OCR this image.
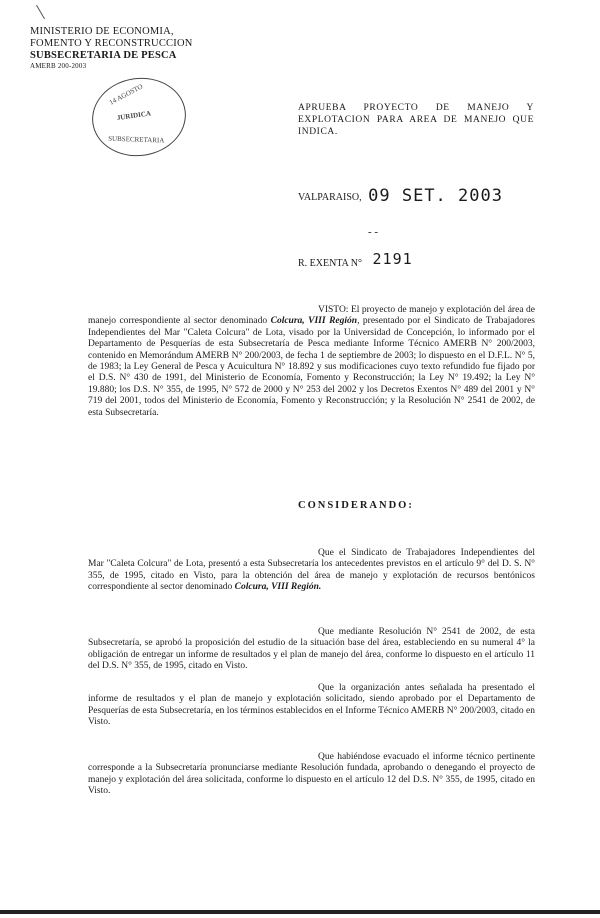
MINISTERIO DE ECONOMIA,
FOMENTO Y RECONSTRUCCION
SUBSECRETARIA DE PESCA
AMERB 200-2003
14 AGOSTO
JURIDICA
SUBSECRETARIA
APRUEBA PROYECTO DE MANEJO Y EXPLOTACION PARA AREA DE MANEJO QUE INDICA.
VALPARAISO, 09 SET. 2003
- -
R. EXENTA N° 2191
VISTO: El proyecto de manejo y explotación del área de manejo correspondiente al sector denominado Colcura, VIII Región, presentado por el Sindicato de Trabajadores Independientes del Mar "Caleta Colcura" de Lota, visado por la Universidad de Concepción, lo informado por el Departamento de Pesquerías de esta Subsecretaría de Pesca mediante Informe Técnico AMERB N° 200/2003, contenido en Memorándum AMERB N° 200/2003, de fecha 1 de septiembre de 2003; lo dispuesto en el D.F.L. N° 5, de 1983; la Ley General de Pesca y Acuicultura N° 18.892 y sus modificaciones cuyo texto refundido fue fijado por el D.S. N° 430 de 1991, del Ministerio de Economía, Fomento y Reconstrucción; la Ley N° 19.492; la Ley N° 19.880; los D.S. N° 355, de 1995, N° 572 de 2000 y N° 253 del 2002 y los Decretos Exentos N° 489 del 2001 y N° 719 del 2001, todos del Ministerio de Economía, Fomento y Reconstrucción; y la Resolución N° 2541 de 2002, de esta Subsecretaría.
CONSIDERANDO:
Que el Sindicato de Trabajadores Independientes del Mar "Caleta Colcura" de Lota, presentó a esta Subsecretaría los antecedentes previstos en el artículo 9° del D. S. N° 355, de 1995, citado en Visto, para la obtención del área de manejo y explotación de recursos bentónicos correspondiente al sector denominado Colcura, VIII Región.
Que mediante Resolución N° 2541 de 2002, de esta Subsecretaría, se aprobó la proposición del estudio de la situación base del área, estableciendo en su numeral 4° la obligación de entregar un informe de resultados y el plan de manejo del área, conforme lo dispuesto en el artículo 11 del D.S. N° 355, de 1995, citado en Visto.
Que la organización antes señalada ha presentado el informe de resultados y el plan de manejo y explotación solicitado, siendo aprobado por el Departamento de Pesquerías de esta Subsecretaría, en los términos establecidos en el Informe Técnico AMERB N° 200/2003, citado en Visto.
Que habiéndose evacuado el informe técnico pertinente corresponde a la Subsecretaría pronunciarse mediante Resolución fundada, aprobando o denegando el proyecto de manejo y explotación del área solicitada, conforme lo dispuesto en el artículo 12 del D.S. N° 355, de 1995, citado en Visto.
